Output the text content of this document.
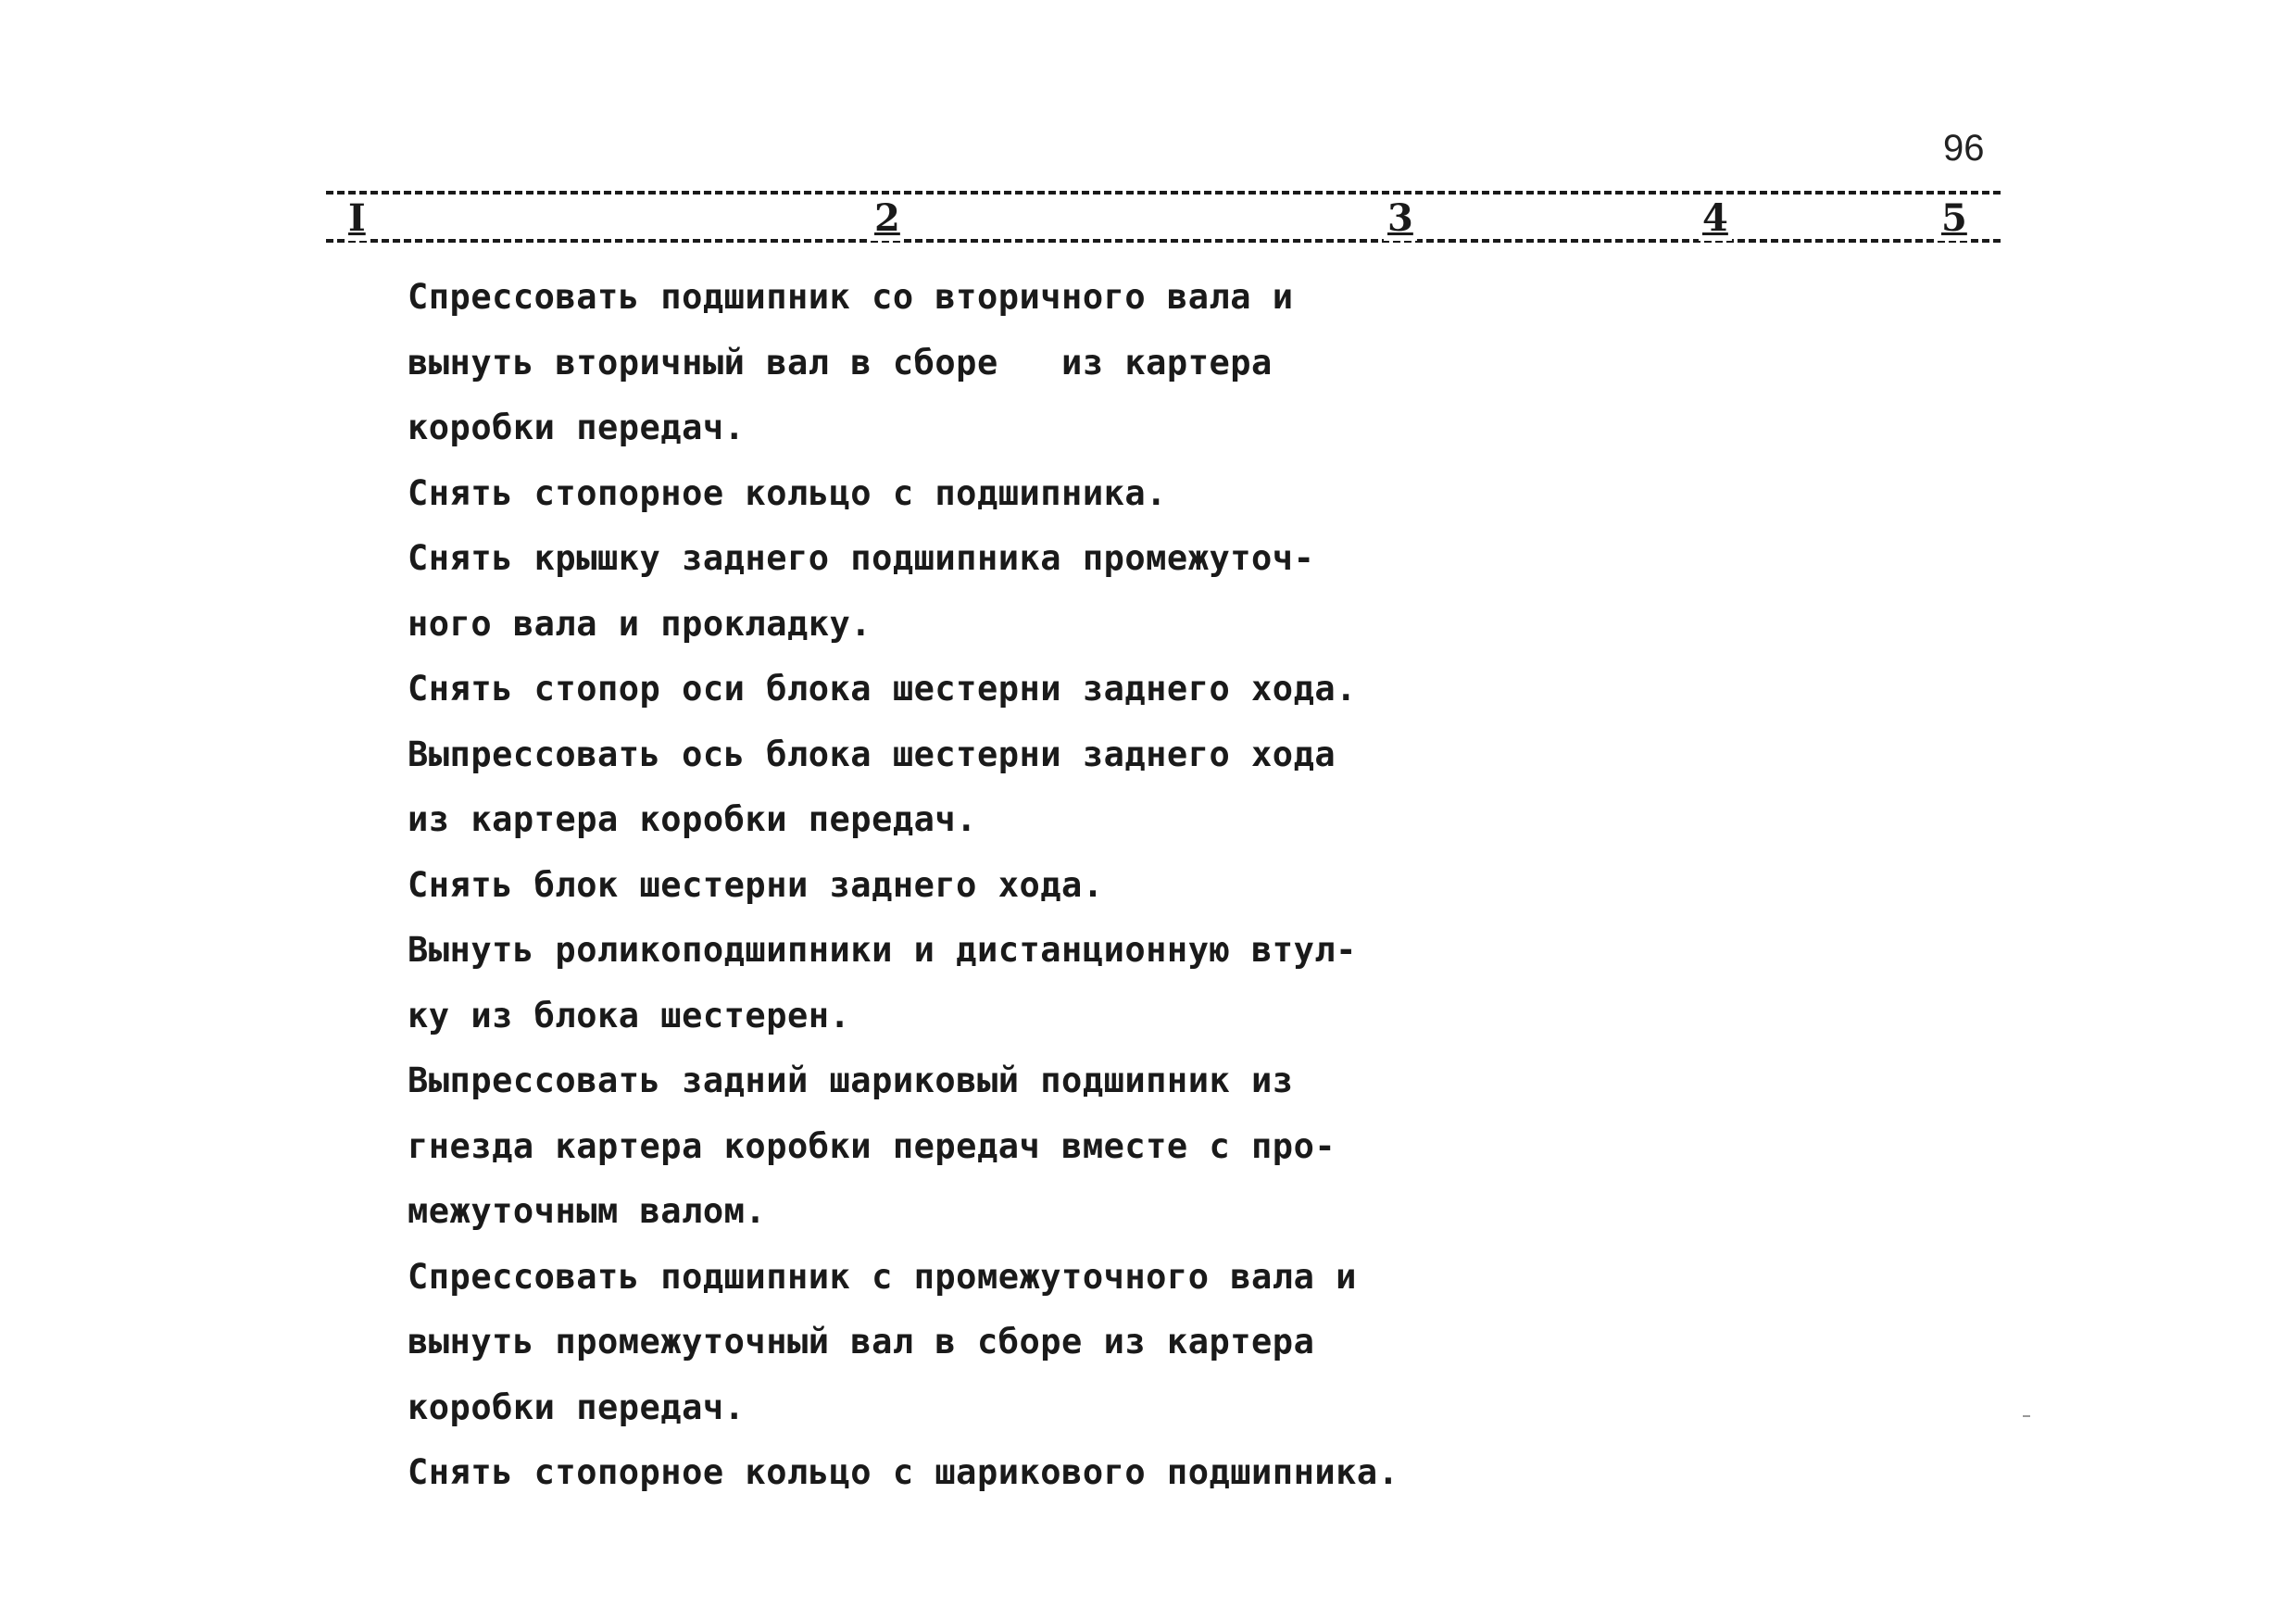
96
I	2	3	4	5
Спрессовать подшипник со вторичного вала и
вынуть вторичный вал в сборе   из картера
коробки передач.
Снять стопорное кольцо с подшипника.
Снять крышку заднего подшипника промежуточ-
ного вала и прокладку.
Снять стопор оси блока шестерни заднего хода.
Выпрессовать ось блока шестерни заднего хода
из картера коробки передач.
Снять блок шестерни заднего хода.
Вынуть роликоподшипники и дистанционную втул-
ку из блока шестерен.
Выпрессовать задний шариковый подшипник из
гнезда картера коробки передач вместе с про-
межуточным валом.
Спрессовать подшипник с промежуточного вала и
вынуть промежуточный вал в сборе из картера
коробки передач.
Снять стопорное кольцо с шарикового подшипника.
